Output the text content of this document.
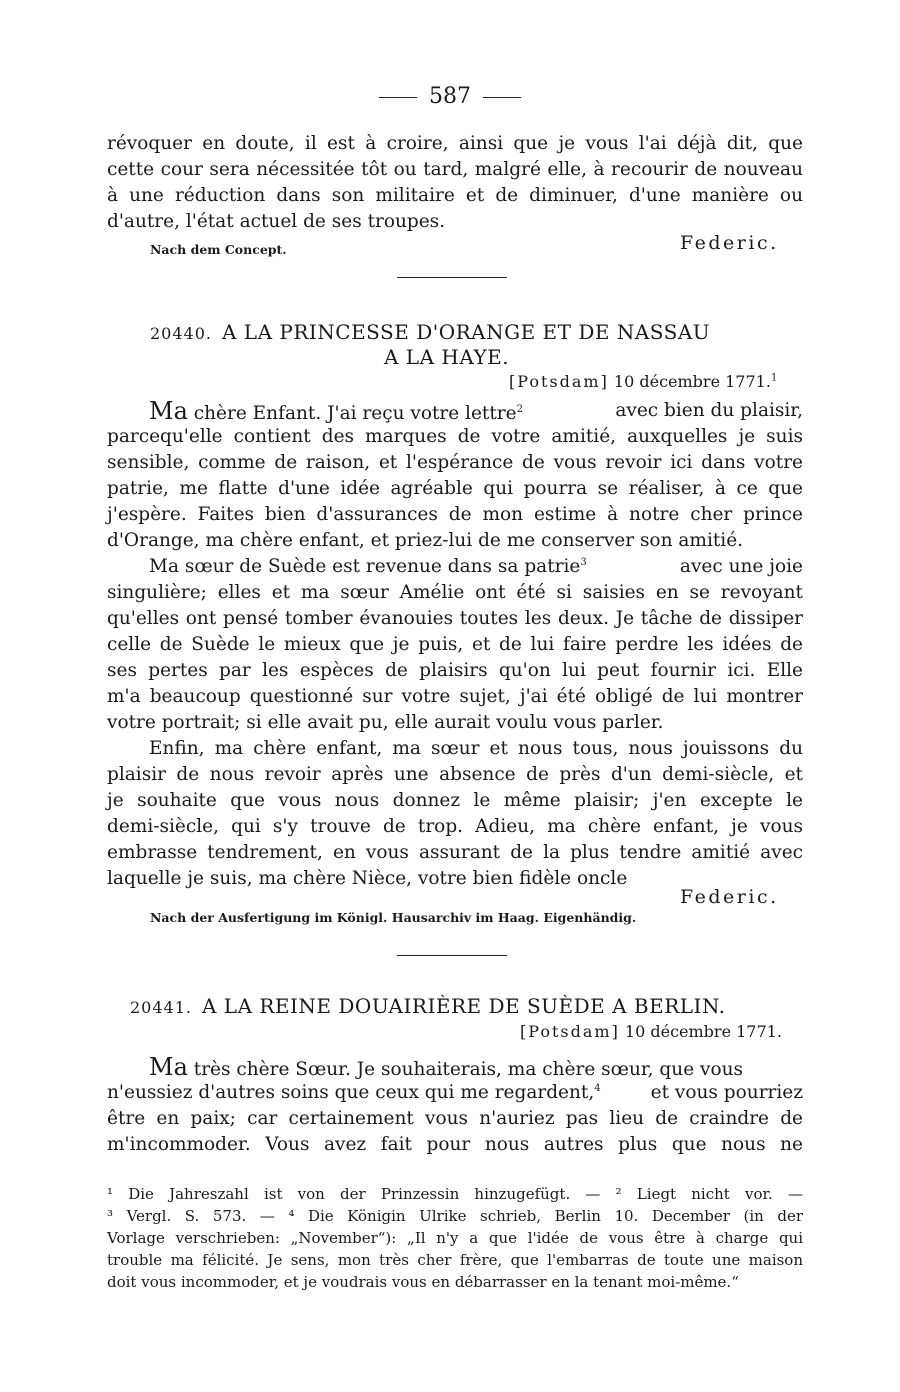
587
révoquer en doute, il est à croire, ainsi que je vous l'ai déjà dit, que
cette cour sera nécessitée tôt ou tard, malgré elle, à recourir de nouveau
à une réduction dans son militaire et de diminuer, d'une manière ou
d'autre, l'état actuel de ses troupes.
Nach dem Concept.	Federic.
20440. A LA PRINCESSE D'ORANGE ET DE NASSAU
A LA HAYE.
[Potsdam] 10 décembre 1771.$^1$
Ma chère Enfant. J'ai reçu votre lettre$^2$	avec bien du plaisir,
parcequ'elle contient des marques de votre amitié, auxquelles je suis
sensible, comme de raison, et l'espérance de vous revoir ici dans votre
patrie, me flatte d'une idée agréable qui pourra se réaliser, à ce que
j'espère. Faites bien d'assurances de mon estime à notre cher prince
d'Orange, ma chère enfant, et priez-lui de me conserver son amitié.
Ma sœur de Suède est revenue dans sa patrie$^3$	avec une joie
singulière; elles et ma sœur Amélie ont été si saisies en se revoyant
qu'elles ont pensé tomber évanouies toutes les deux. Je tâche de dissiper
celle de Suède le mieux que je puis, et de lui faire perdre les idées de
ses pertes par les espèces de plaisirs qu'on lui peut fournir ici. Elle
m'a beaucoup questionné sur votre sujet, j'ai été obligé de lui montrer
votre portrait; si elle avait pu, elle aurait voulu vous parler.
Enfin, ma chère enfant, ma sœur et nous tous, nous jouissons du
plaisir de nous revoir après une absence de près d'un demi-siècle, et
je souhaite que vous nous donnez le même plaisir; j'en excepte le
demi-siècle, qui s'y trouve de trop. Adieu, ma chère enfant, je vous
embrasse tendrement, en vous assurant de la plus tendre amitié avec
laquelle je suis, ma chère Nièce, votre bien fidèle oncle
Federic.
Nach der Ausfertigung im Königl. Hausarchiv im Haag. Eigenhändig.
20441. A LA REINE DOUAIRIÈRE DE SUÈDE A BERLIN.
[Potsdam] 10 décembre 1771.
Ma très chère Sœur. Je souhaiterais, ma chère sœur, que vous
n'eussiez d'autres soins que ceux qui me regardent,$^4$	et vous pourriez
être en paix; car certainement vous n'auriez pas lieu de craindre de
m'incommoder. Vous avez fait pour nous autres plus que nous ne
¹ Die Jahreszahl ist von der Prinzessin hinzugefügt. — ² Liegt nicht vor. —
³ Vergl. S. 573. — ⁴ Die Königin Ulrike schrieb, Berlin 10. December (in der
Vorlage verschrieben: „November“): „Il n'y a que l'idée de vous être à charge qui
trouble ma félicité. Je sens, mon très cher frère, que l'embarras de toute une maison
doit vous incommoder, et je voudrais vous en débarrasser en la tenant moi-même.“
